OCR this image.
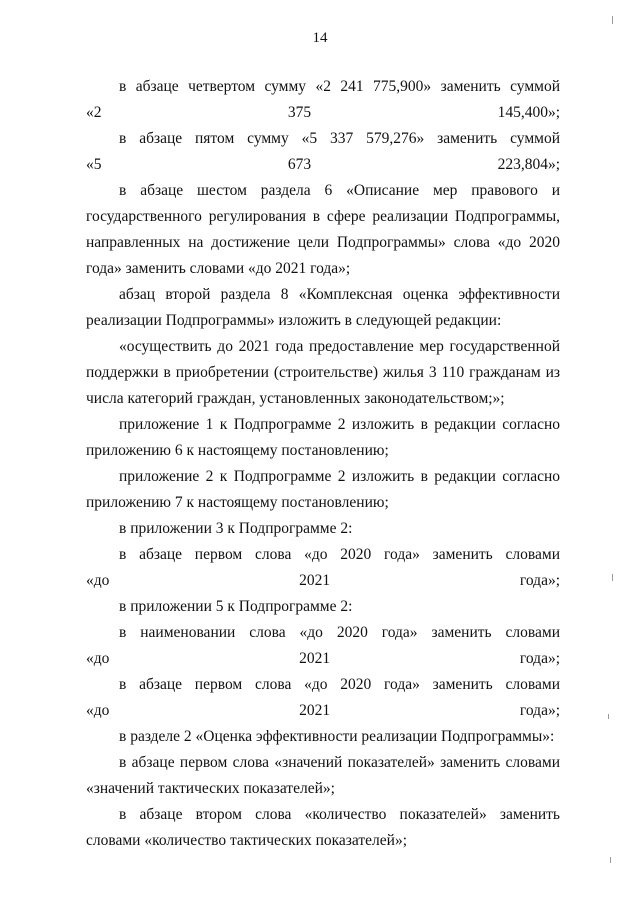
14

в абзаце четвертом сумму «2 241 775,900» заменить суммой
«2 375 145,400»;

в абзаце пятом сумму «5 337 579,276» заменить суммой
«5 673 223,804»;

в абзаце шестом раздела 6 «Описание мер правового и государственного регулирования в сфере реализации Подпрограммы, направленных на достижение цели Подпрограммы» слова «до 2020 года» заменить словами «до 2021 года»;

абзац второй раздела 8 «Комплексная оценка эффективности реализации Подпрограммы» изложить в следующей редакции:

«осуществить до 2021 года предоставление мер государственной поддержки в приобретении (строительстве) жилья 3 110 гражданам из числа категорий граждан, установленных законодательством;»;

приложение 1 к Подпрограмме 2 изложить в редакции согласно приложению 6 к настоящему постановлению;

приложение 2 к Подпрограмме 2 изложить в редакции согласно приложению 7 к настоящему постановлению;

в приложении 3 к Подпрограмме 2:

в абзаце первом слова «до 2020 года» заменить словами
«до 2021 года»;

в приложении 5 к Подпрограмме 2:

в наименовании слова «до 2020 года» заменить словами
«до 2021 года»;

в абзаце первом слова «до 2020 года» заменить словами
«до 2021 года»;

в разделе 2 «Оценка эффективности реализации Подпрограммы»:

в абзаце первом слова «значений показателей» заменить словами «значений тактических показателей»;

в абзаце втором слова «количество показателей» заменить словами «количество тактических показателей»;
